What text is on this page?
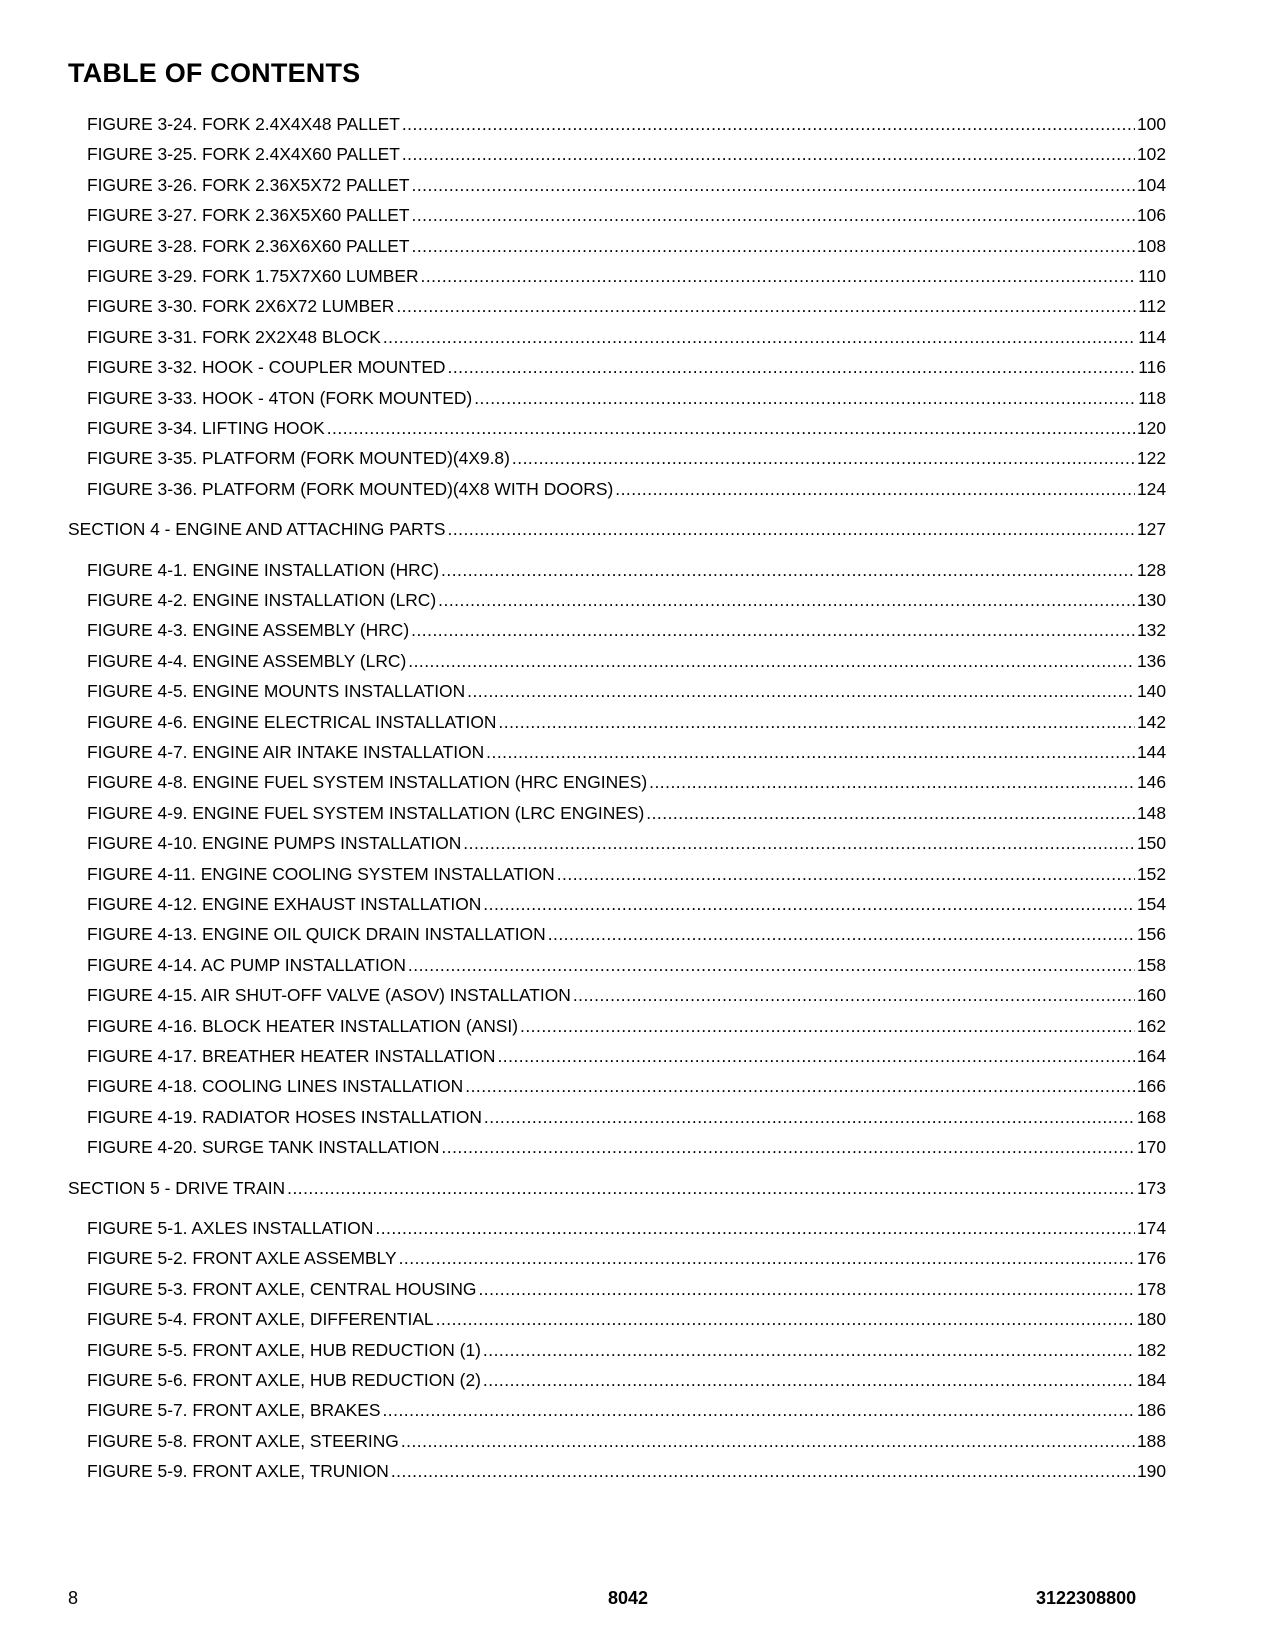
TABLE OF CONTENTS
FIGURE 3-24. FORK 2.4X4X48 PALLET .....	100
FIGURE 3-25. FORK 2.4X4X60 PALLET .....	102
FIGURE 3-26. FORK 2.36X5X72 PALLET .....	104
FIGURE 3-27. FORK 2.36X5X60 PALLET .....	106
FIGURE 3-28. FORK 2.36X6X60 PALLET .....	108
FIGURE 3-29. FORK 1.75X7X60 LUMBER .....	110
FIGURE 3-30. FORK 2X6X72 LUMBER .....	112
FIGURE 3-31. FORK 2X2X48 BLOCK .....	114
FIGURE 3-32. HOOK - COUPLER MOUNTED .....	116
FIGURE 3-33. HOOK - 4TON (FORK MOUNTED) .....	118
FIGURE 3-34. LIFTING HOOK .....	120
FIGURE 3-35. PLATFORM (FORK MOUNTED)(4X9.8) .....	122
FIGURE 3-36. PLATFORM (FORK MOUNTED)(4X8 WITH DOORS) .....	124
SECTION 4 - ENGINE AND ATTACHING PARTS .....	127
FIGURE 4-1. ENGINE INSTALLATION (HRC) .....	128
FIGURE 4-2. ENGINE INSTALLATION (LRC) .....	130
FIGURE 4-3. ENGINE ASSEMBLY (HRC) .....	132
FIGURE 4-4. ENGINE ASSEMBLY (LRC) .....	136
FIGURE 4-5. ENGINE MOUNTS INSTALLATION .....	140
FIGURE 4-6. ENGINE ELECTRICAL INSTALLATION .....	142
FIGURE 4-7. ENGINE AIR INTAKE INSTALLATION .....	144
FIGURE 4-8. ENGINE FUEL SYSTEM INSTALLATION (HRC ENGINES) .....	146
FIGURE 4-9. ENGINE FUEL SYSTEM INSTALLATION (LRC ENGINES) .....	148
FIGURE 4-10. ENGINE PUMPS INSTALLATION .....	150
FIGURE 4-11. ENGINE COOLING SYSTEM INSTALLATION .....	152
FIGURE 4-12. ENGINE EXHAUST INSTALLATION .....	154
FIGURE 4-13. ENGINE OIL QUICK DRAIN INSTALLATION .....	156
FIGURE 4-14. AC PUMP INSTALLATION .....	158
FIGURE 4-15. AIR SHUT-OFF VALVE (ASOV) INSTALLATION .....	160
FIGURE 4-16. BLOCK HEATER INSTALLATION (ANSI) .....	162
FIGURE 4-17. BREATHER HEATER INSTALLATION .....	164
FIGURE 4-18. COOLING LINES INSTALLATION .....	166
FIGURE 4-19. RADIATOR HOSES INSTALLATION .....	168
FIGURE 4-20. SURGE TANK INSTALLATION .....	170
SECTION 5 - DRIVE TRAIN .....	173
FIGURE 5-1. AXLES INSTALLATION .....	174
FIGURE 5-2. FRONT AXLE ASSEMBLY .....	176
FIGURE 5-3. FRONT AXLE, CENTRAL HOUSING .....	178
FIGURE 5-4. FRONT AXLE, DIFFERENTIAL .....	180
FIGURE 5-5. FRONT AXLE, HUB REDUCTION (1) .....	182
FIGURE 5-6. FRONT AXLE, HUB REDUCTION (2) .....	184
FIGURE 5-7. FRONT AXLE, BRAKES .....	186
FIGURE 5-8. FRONT AXLE, STEERING .....	188
FIGURE 5-9. FRONT AXLE, TRUNION .....	190
8	8042	3122308800
